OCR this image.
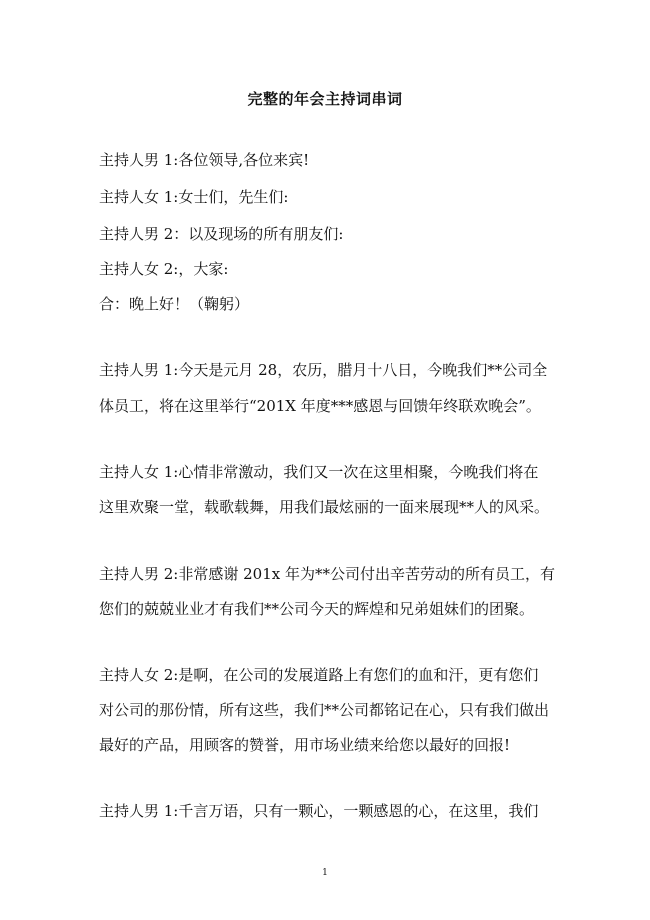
完整的年会主持词串词
主持人男 1:各位领导,各位来宾!
主持人女 1:女士们，先生们:
主持人男 2：以及现场的所有朋友们:
主持人女 2:，大家:
合：晚上好！（鞠躬）
主持人男 1:今天是元月 28，农历，腊月十八日，今晚我们**公司全
体员工，将在这里举行“201X 年度***感恩与回馈年终联欢晚会”。
主持人女 1:心情非常激动，我们又一次在这里相聚，今晚我们将在
这里欢聚一堂，载歌载舞，用我们最炫丽的一面来展现**人的风采。
主持人男 2:非常感谢 201x 年为**公司付出辛苦劳动的所有员工，有
您们的兢兢业业才有我们**公司今天的辉煌和兄弟姐妹们的团聚。
主持人女 2:是啊，在公司的发展道路上有您们的血和汗，更有您们
对公司的那份情，所有这些，我们**公司都铭记在心，只有我们做出
最好的产品，用顾客的赞誉，用市场业绩来给您以最好的回报!
主持人男 1:千言万语，只有一颗心，一颗感恩的心，在这里，我们
1
